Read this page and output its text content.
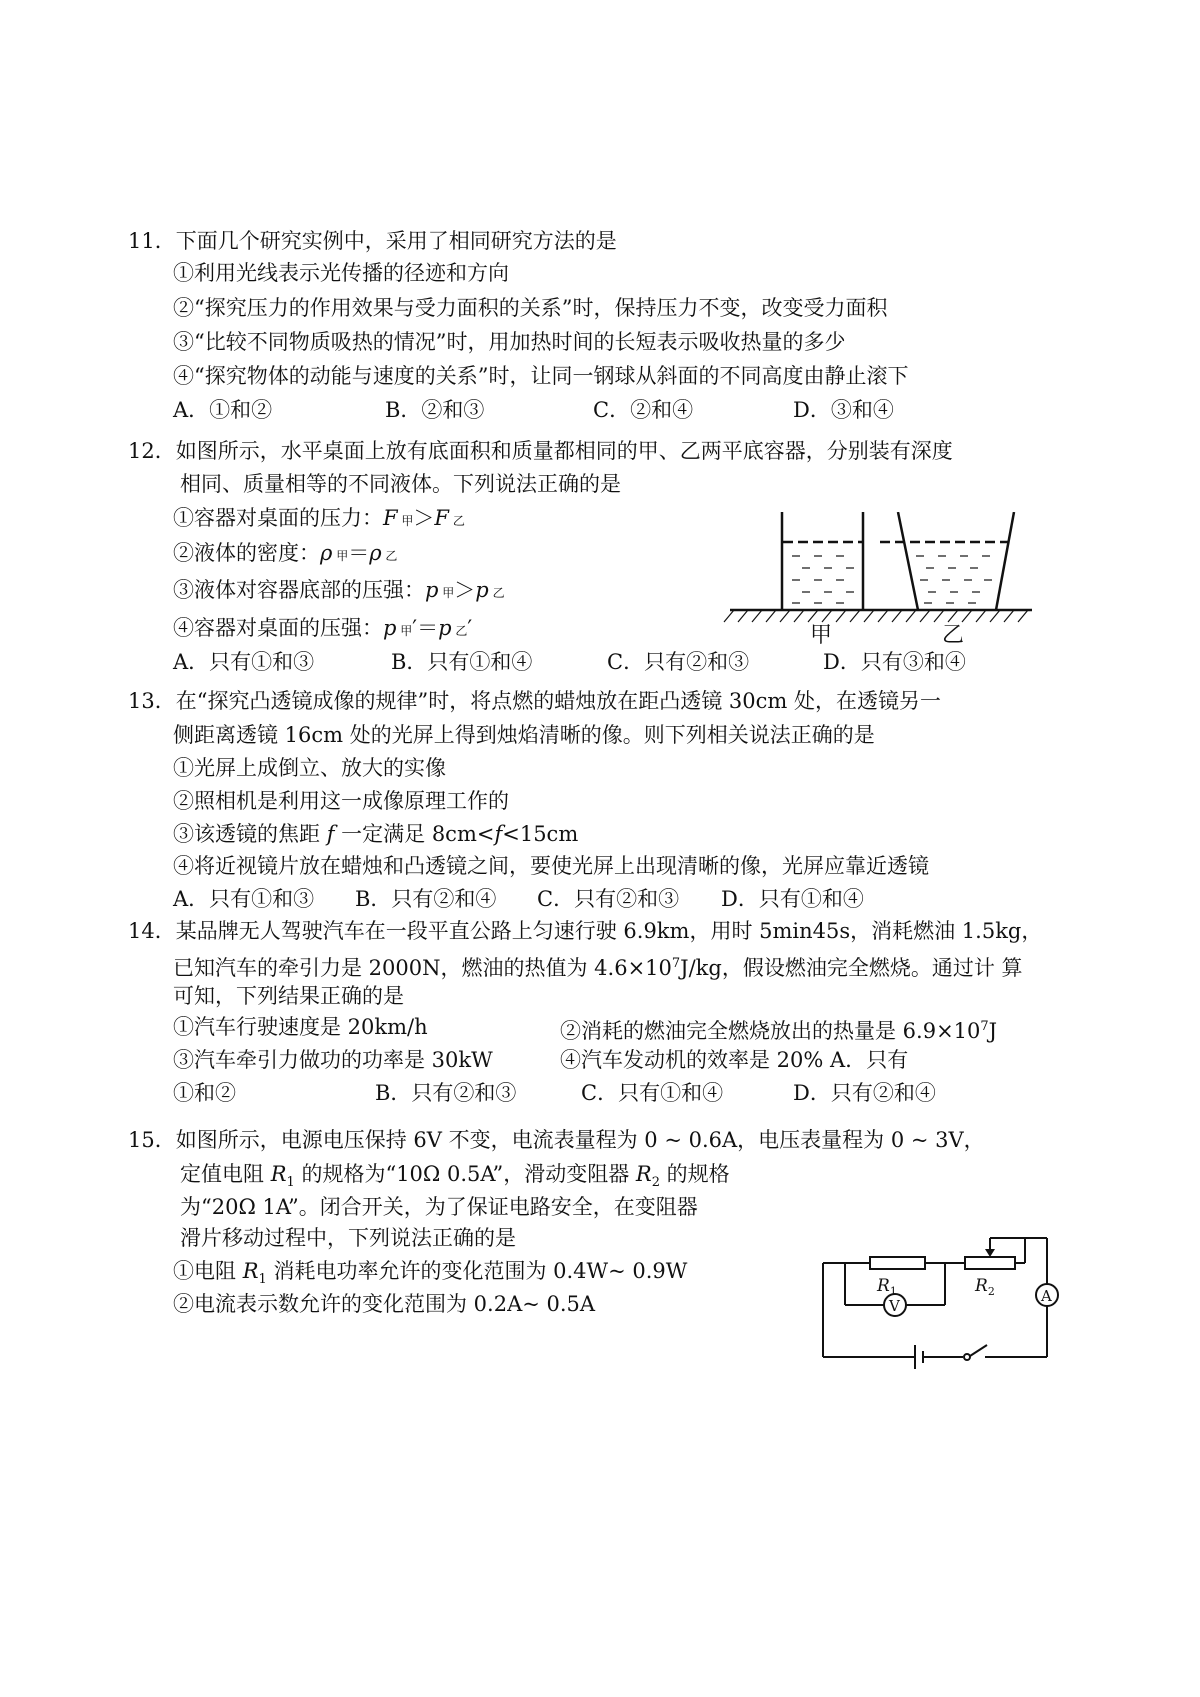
11．下面几个研究实例中，采用了相同研究方法的是
①利用光线表示光传播的径迹和方向
②“探究压力的作用效果与受力面积的关系”时，保持压力不变，改变受力面积
③“比较不同物质吸热的情况”时，用加热时间的长短表示吸收热量的多少
④“探究物体的动能与速度的关系”时，让同一钢球从斜面的不同高度由静止滚下
A．①和②	B．②和③	C．②和④	D．③和④
12．如图所示，水平桌面上放有底面积和质量都相同的甲、乙两平底容器，分别装有深度
相同、质量相等的不同液体。下列说法正确的是
①容器对桌面的压力：F 甲＞F 乙
②液体的密度：ρ 甲＝ρ 乙
③液体对容器底部的压强：p 甲＞p 乙
④容器对桌面的压强：p 甲′＝p 乙′
A．只有①和③	B．只有①和④	C．只有②和③	D．只有③和④
甲	乙
13．在“探究凸透镜成像的规律”时，将点燃的蜡烛放在距凸透镜 30cm 处，在透镜另一
侧距离透镜 16cm 处的光屏上得到烛焰清晰的像。则下列相关说法正确的是
①光屏上成倒立、放大的实像
②照相机是利用这一成像原理工作的
③该透镜的焦距 f 一定满足 8cm<f<15cm
④将近视镜片放在蜡烛和凸透镜之间，要使光屏上出现清晰的像，光屏应靠近透镜
A．只有①和③ B．只有②和④ C．只有②和③ D．只有①和④
14．某品牌无人驾驶汽车在一段平直公路上匀速行驶 6.9km，用时 5min45s，消耗燃油 1.5kg，
已知汽车的牵引力是 2000N，燃油的热值为 $4.6\times 10^7J/kg$，假设燃油完全燃烧。通过计 算
可知，下列结果正确的是
①汽车行驶速度是 20km/h	②消耗的燃油完全燃烧放出的热量是 $6.9\times 10^7J$
③汽车牵引力做功的功率是 30kW	④汽车发动机的效率是 20% A．只有
①和②	B．只有②和③	C．只有①和④	D．只有②和④
15．如图所示，电源电压保持 6V 不变，电流表量程为 0 ~ 0.6A，电压表量程为 0 ~ 3V，
定值电阻 $R_1$ 的规格为“10Ω 0.5A”，滑动变阻器 $R_2$ 的规格
为“20Ω 1A”。闭合开关，为了保证电路安全，在变阻器
滑片移动过程中，下列说法正确的是
①电阻 $R_1$ 消耗电功率允许的变化范围为 0.4W~ 0.9W
②电流表示数允许的变化范围为 0.2A~ 0.5A	V
A
$R_1$	$R_2$
